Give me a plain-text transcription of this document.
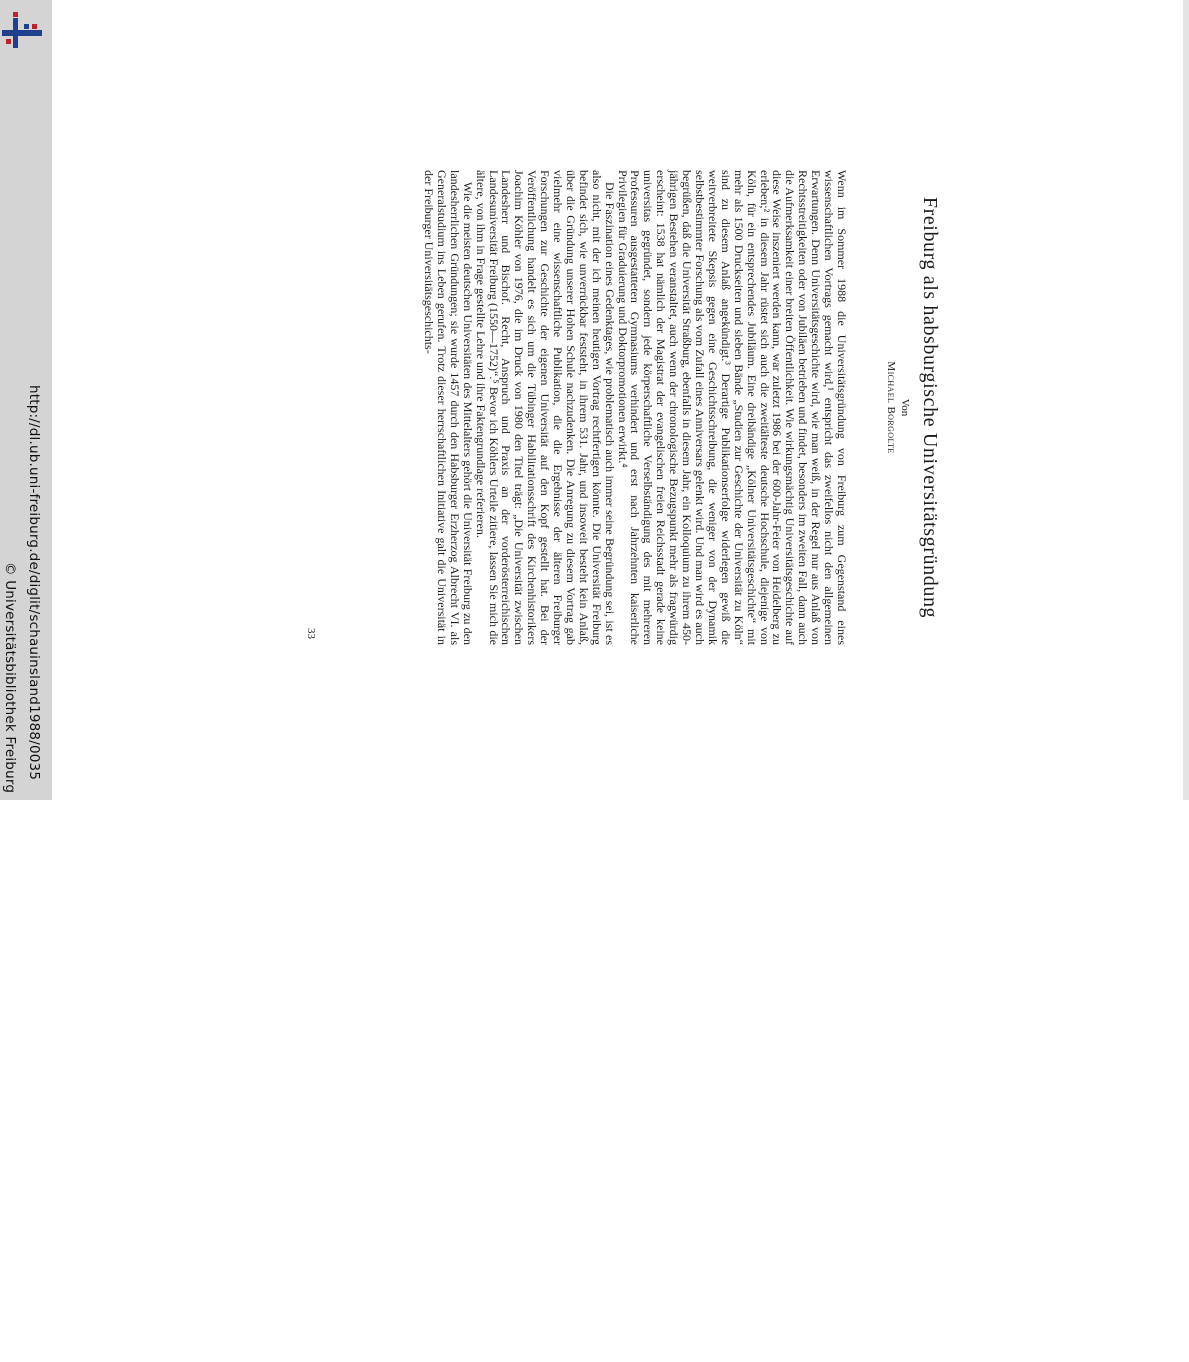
http://dl.ub.uni-freiburg.de/diglit/schauinsland1988/0035
© Universitätsbibliothek Freiburg
Freiburg als habsburgische Universitätsgründung
Von
Michael Borgolte

Wenn im Sommer 1988 die Universitätsgründung von Freiburg zum Gegenstand eines wissenschaftlichen Vortrags gemacht wird,¹ entspricht das zweifellos nicht den allgemeinen Erwartungen. Denn Universitätsgeschichte wird, wie man weiß, in der Regel nur aus Anlaß von Rechtsstreitigkeiten oder von Jubiläen betrieben und findet, besonders im zweiten Fall, dann auch die Aufmerksamkeit einer breiten Öffentlichkeit. Wie wirkungsmächtig Universitätsgeschichte auf diese Weise inszeniert werden kann, war zuletzt 1986 bei der 600-Jahr-Feier von Heidelberg zu erleben;² in diesem Jahr rüstet sich auch die zweitälteste deutsche Hochschule, diejenige von Köln, für ein entsprechendes Jubiläum. Eine dreibändige „Kölner Universitätsgeschichte“ mit mehr als 1500 Druckseiten und sieben Bände „Studien zur Geschichte der Universität zu Köln“ sind zu diesem Anlaß angekündigt.³ Derartige Publikationserfolge widerlegen gewiß die weitverbreitete Skepsis gegen eine Geschichtsschreibung, die weniger von der Dynamik selbstbestimmter Forschung als vom Zufall eines Anniversars gelenkt wird. Und man wird es auch begrüßen, daß die Universität Straßburg, ebenfalls in diesem Jahr, ein Kolloquium zu ihrem 450-jährigen Bestehen veranstaltet, auch wenn der chronologische Bezugspunkt mehr als fragwürdig erscheint: 1538 hat nämlich der Magistrat der evangelischen freien Reichsstadt gerade keine universitas gegründet, sondern jede körperschaftliche Verselbständigung des mit mehreren Professuren ausgestatteten Gymnasiums verhindert und erst nach Jahrzehnten kaiserliche Privilegien für Graduierung und Doktorpromotionen erwirkt.⁴

Die Faszination eines Gedenktages, wie problematisch auch immer seine Begründung sei, ist es also nicht, mit der ich meinen heutigen Vortrag rechtfertigen könnte. Die Universität Freiburg befindet sich, wie unverrückbar feststeht, in ihrem 531. Jahr, und insoweit besteht kein Anlaß, über die Gründung unserer Hohen Schule nachzudenken. Die Anregung zu diesem Vortrag gab vielmehr eine wissenschaftliche Publikation, die die Ergebnisse der älteren Freiburger Forschungen zur Geschichte der eigenen Universität auf den Kopf gestellt hat. Bei der Veröffentlichung handelt es sich um die Tübinger Habilitationsschrift des Kirchenhistorikers Joachim Köhler von 1976, die im Druck von 1980 den Titel trägt: „Die Universität zwischen Landesherr und Bischof. Recht, Anspruch und Praxis an der vorderösterreichischen Landesuniversität Freiburg (1550—1752)“.⁵ Bevor ich Köhlers Urteile zitiere, lassen Sie mich die ältere, von ihm in Frage gestellte Lehre und ihre Faktengrundlage referieren.

Wie die meisten deutschen Universitäten des Mittelalters gehört die Universität Freiburg zu den landesherrlichen Gründungen; sie wurde 1457 durch den Habsburger Erzherzog Albrecht VI. als Generalstudium ins Leben gerufen. Trotz dieser herrschaftlichen Initiative galt die Universität in der Freiburger Universitätsgeschichts-

33
